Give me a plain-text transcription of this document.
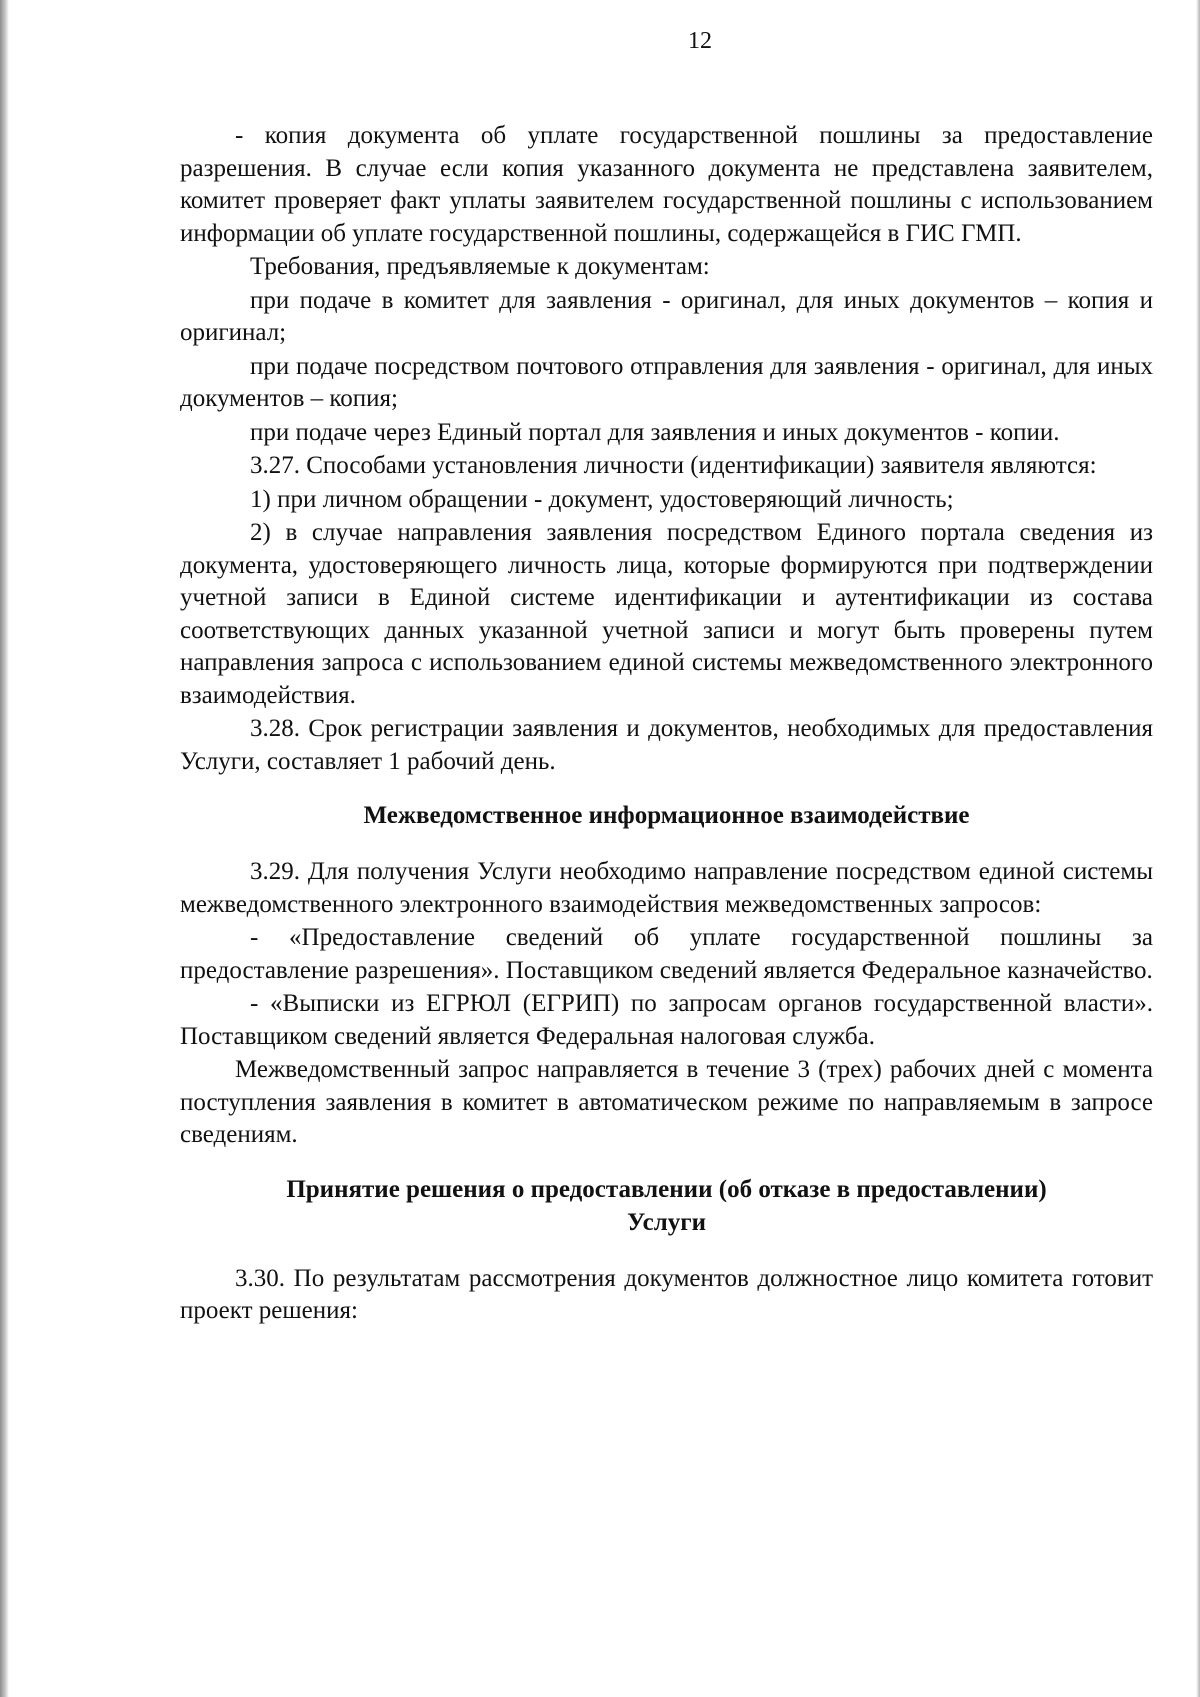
12

- копия документа об уплате государственной пошлины за предоставление разрешения. В случае если копия указанного документа не представлена заявителем, комитет проверяет факт уплаты заявителем государственной пошлины с использованием информации об уплате государственной пошлины, содержащейся в ГИС ГМП.

Требования, предъявляемые к документам:

при подаче в комитет для заявления - оригинал, для иных документов – копия и оригинал;

при подаче посредством почтового отправления для заявления - оригинал, для иных документов – копия;

при подаче через Единый портал для заявления и иных документов - копии.

3.27. Способами установления личности (идентификации) заявителя являются:

1) при личном обращении - документ, удостоверяющий личность;

2) в случае направления заявления посредством Единого портала сведения из документа, удостоверяющего личность лица, которые формируются при подтверждении учетной записи в Единой системе идентификации и аутентификации из состава соответствующих данных указанной учетной записи и могут быть проверены путем направления запроса с использованием единой системы межведомственного электронного взаимодействия.

3.28. Срок регистрации заявления и документов, необходимых для предоставления Услуги, составляет 1 рабочий день.

Межведомственное информационное взаимодействие

3.29. Для получения Услуги необходимо направление посредством единой системы межведомственного электронного взаимодействия межведомственных запросов:

- «Предоставление сведений об уплате государственной пошлины за предоставление разрешения». Поставщиком сведений является Федеральное казначейство.

- «Выписки из ЕГРЮЛ (ЕГРИП) по запросам органов государственной власти». Поставщиком сведений является Федеральная налоговая служба.

Межведомственный запрос направляется в течение 3 (трех) рабочих дней с момента поступления заявления в комитет в автоматическом режиме по направляемым в запросе сведениям.

Принятие решения о предоставлении (об отказе в предоставлении)
Услуги

3.30. По результатам рассмотрения документов должностное лицо комитета готовит проект решения:
